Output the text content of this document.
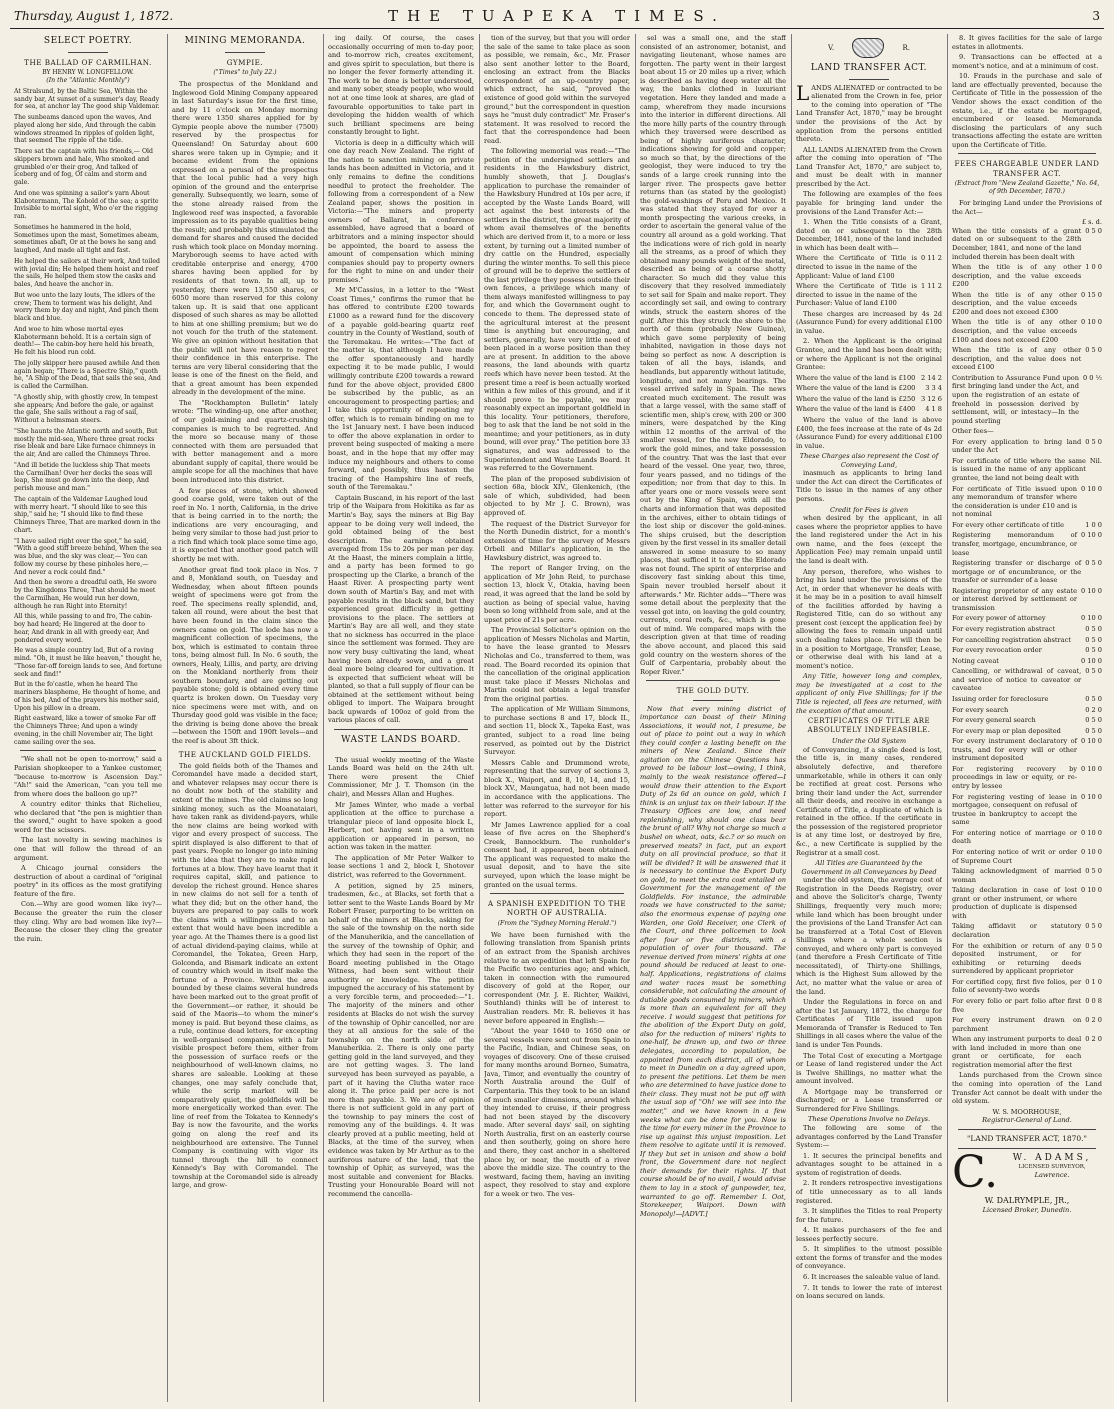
Thursday, August 1, 1872.	THE TUAPEKA TIMES.	3
SELECT POETRY.
THE BALLAD OF CARMILHAN.
BY HENRY W. LONGFELLOW.
(In the "Atlantic Monthly")

At Stralsund, by the Baltic Sea, Within the sandy bar, At sunset of a summer's day, Ready for sea, at anchor lay The good ship Valdemar.

The sunbeams danced upon the waves, And played along her side, And through the cabin windows streamed In ripples of golden light, that seemed The ripple of the tide.

There sat the captain with his friends,— Old skippers brown and hale, Who smoked and grumbled o'er their grog, And talked of iceberg and of fog, Of calm and storm and gale.

And one was spinning a sailor's yarn About Klabotermann, The Kobold of the sea; a sprite Invisible to mortal sight, Who o'er the rigging ran.

Sometimes he hammered in the hold, Sometimes upon the mast, Sometimes abeam, sometimes abaft, Or at the bows he sang and laughed, And made all tight and fast.

He helped the sailors at their work, And toiled with jovial din; He helped them hoist and reef the sails, He helped them stow the casks and bales, And heave the anchor in.

But woe unto the lazy louts, The idlers of the crew; Them to torment was his delight, And worry them by day and night, And pinch them black and blue.

And woe to him whose mortal eyes Klabotermann behold. It is a certain sign of death!— The cabin-boy here held his breath, He felt his blood run cold.

The jolly skipper here paused awhile And then again began; "There is a Spectre Ship," quoth he, "A Ship of the Dead, that sails the sea, And is called the Carmilhan.

"A ghostly ship, with ghostly crew, In tempest she appears; And before the gale, or against the gale, She sails without a rag of sail, Without a helmsman steers.

"She haunts the Atlantic north and south, But mostly the mid-sea, Where three great rocks rise bleak and bare Like furnace chimneys in the air, And are called the Chimneys Three.

"And ill betide the luckless ship That meets the Carmilhan! Over her decks the seas will leap, She must go down into the deep, And perish mouse and man."

The captain of the Valdemar Laughed loud with merry heart. "I should like to see this ship," said he; "I should like to find these Chimneys Three, That are marked down in the chart.

"I have sailed right over the spot," he said, "With a good stiff breeze behind, When the sea was blue, and the sky was clear,— You can follow my course by these pinholes here,— And never a rock could find."

And then he swore a dreadful oath, He swore by the Kingdoms Three, That should he meet the Carmilhan, He would run her down, although he ran Right into Eternity!

All this, while passing to and fro, The cabin-boy had heard; He lingered at the door to hear, And drank in all with greedy ear, And pondered every word.

He was a simple country lad, But of a roving mind. "Oh, it must be like heaven," thought he, "Those far-off foreign lands to see, And fortune seek and find!"

But in the fo'castle, when he heard The mariners blaspheme, He thought of home, and of his bed, And of the prayers his mother said, Upon his pillow in a dream.

Right eastward, like a tower of smoke Far off the Chimneys Three; And upon a windy evening, in the chill November air, The light came sailing over the sea.

"We shall not be open to-morrow," said a Parisian shopkeeper to a Yankee customer, "because to-morrow is Ascension Day." "Ah!" said the American, "can you tell me from where does the balloon go up?"

A country editor thinks that Richelieu, who declared that "the pen is mightier than the sword," ought to have spoken a good word for the scissors.

The last novelty in sewing machines is one that will follow the thread of an argument.

A Chicago journal considers the destruction of about a cardinal of "original poetry" in its offices as the most gratifying feature of the fire.

Con.—Why are good women like ivy?—Because the greater the ruin the closer they cling. Why are bad women like ivy?—Because the closer they cling the greater the ruin.

MINING MEMORANDA.
GYMPIE.
("Times" to July 22.)

The prospectus of the Monkland and Inglewood Gold Mining Company appeared in last Saturday's issue for the first time, and by 11 o'clock on Monday morning there were 1350 shares applied for by Gympie people above the number (7500) reserved by the prospectus for Queensland! On Saturday about 600 shares were taken up in Gympie; and it became evident from the opinions expressed on a perusal of the prospectus that the local public had a very high opinion of the ground and the enterprise generally. Subsequently, we learn, some of the stone already raised from the Inglewood reef was inspected, a favorable impression as to its payable qualities being the result; and probably this stimulated the demand for shares and caused the decided rush which took place on Monday morning. Maryborough seems to have acted with creditable enterprise and energy, 4700 shares having been applied for by residents of that town. In all, up to yesterday, there were 13,550 shares, or 6050 more than reserved for this colony taken up. It is said that one applicant disposed of such shares as may be allotted to him at one shilling premium; but we do not vouch for the truth of the statement. We give an opinion without hesitation that the public will not have reason to regret their confidence in this enterprise. The terms are very liberal considering that the lease is one of the finest on the field, and that a great amount has been expended already in the development of the mine.

The "Rockhampton Bulletin" lately wrote: "The winding-up, one after another, of our gold-mining and quartz-crushing companies is much to be regretted. And the more so because many of those connected with them are persuaded that with better management and a more abundant supply of capital, there would be ample scope for all the machines that have been introduced into this district.

A few pieces of stone, which showed good coarse gold, were taken out of the reef in No. 1 north, California, in the drive that is being carried in to the north; the indications are very encouraging, and being very similar to those had just prior to a rich find which took place some time ago, it is expected that another good patch will shortly be met with.

Another great find took place in Nos. 7 and 8, Monkland south, on Tuesday and Wednesday, when about fifteen pounds weight of specimens were got from the reef. The specimens really splendid, and, taken all round, were about the best that have been found in the claim since the owners came on gold. The lode has now a magnificent collection of specimens, the box, which is estimated to contain three tons, being almost full. In No. 6 south, the owners, Healy, Lillis, and party, are driving on the Monkland northerly from their southern boundary, and are getting out payable stone; gold is obtained every time quartz is broken down. On Tuesday very nice specimens were met with, and on Thursday good gold was visible in the face; the driving is being done above the break—between the 150ft and 190ft levels—and the reef is about 3ft thick.

THE AUCKLAND GOLD FIELDS.

The gold fields both of the Thames and Coromandel have made a decided start, and whatever relapses may occur there is no doubt now both of the stability and extent of the mines. The old claims so long sinking money, such as the Moanataiari, have taken rank as dividend-payers, while the new claims are being worked with vigor and every prospect of success. The spirit displayed is also different to that of past years. People no longer go into mining with the idea that they are to make rapid fortunes at a blow. They have learnt that it requires capital, skill, and patience to develop the richest ground. Hence shares in new claims do not sell for a tenth of what they did; but on the other hand, the buyers are prepared to pay calls to work the claims with a willingness and to an extent that would have been incredible a year ago. At the Thames there is a good list of actual dividend-paying claims, while at Coromandel, the Tokatea, Green Harp, Golconda, and Bismark indicate an extent of country which would in itself make the fortune of a Province. Within the area bounded by these claims several hundreds have been marked out to the great profit of the Government—or rather, it should be said of the Maoris—to whom the miner's money is paid. But beyond these claims, as a rule, continue dead letters, for excepting in well-organised companies with a fair visible prospect before them, either from the possession of surface reefs or the neighbourhood of well-known claims, no shares are saleable. Looking at these changes, one may safely conclude that, while the scrip market will be comparatively quiet, the goldfields will be more energetically worked than ever. The line of reef from the Tokatea to Kennedy's Bay is now the favourite, and the works going on along the reef and its neighbourhood are extensive. The Tunnel Company is continuing with vigor its tunnel through the hill to connect Kennedy's Bay with Coromandel. The township at the Coromandel side is already large, and grow-

ing daily. Of course, the cases occasionally occurring of men to-day poor, and to-morrow rich, creates excitement, and gives spirit to speculation, but there is no longer the fever formerly attending it. The work to be done is better understood, and many sober, steady people, who would not at one time look at shares, are glad of favourable opportunities to take part in developing the hidden wealth of which such brilliant specimens are being constantly brought to light.

Victoria is deep in a difficulty which will one day reach New Zealand. The right of the nation to sanction mining on private lands has been admitted in Victoria, and it only remains to define the conditions needful to protect the freeholder. The following from a correspondent of a New Zealand paper, shows the position in Victoria:—"The miners and property owners of Ballarat, in conference assembled, have agreed that a board of arbitrators and a mining inspector should be appointed, the board to assess the amount of compensation which mining companies should pay to property owners for the right to mine on and under their premises."

Mr M'Cassius, in a letter to the "West Coast Times," confirms the rumor that he has offered to contribute £200 towards £1000 as a reward fund for the discovery of a payable gold-bearing quartz reef country in the County of Westland, south of the Teremakau. He writes:—"The fact of the matter is, that although I have made the offer spontaneously and hardly expecting it to be made public, I would willingly contribute £200 towards a reward fund for the above object, provided £800 be subscribed by the public, as an encouragement to prospecting parties; and I take this opportunity of repeating my offer, which is to remain binding on me to the 1st January next. I have been induced to offer the above explanation in order to prevent being suspected of making a mere boast, and in the hope that my offer may induce my neighbours and others to come forward, and possibly, thus hasten the tracing of the Hampshire line of reefs, south of the Teremakau."

Captain Buscand, in his report of the last trip of the Waipara from Hokitika as far as Martin's Bay, says the miners at Big Bay appear to be doing very well indeed, the gold obtained being of the best description. The earnings obtained averaged from 15s to 20s per man per day. At the Haast, the miners complain a little, and a party has been formed to go prospecting up the Clarke, a branch of the Haast River. A prospecting party went down south of Martin's Bay, and met with payable results in the black sand, but they experienced great difficulty in getting provisions to the place. The settlers at Martin's Bay are all well, and they state that no sickness has occurred in the place since the settlement was formed. They are now very busy cultivating the land, wheat having been already sown, and a great deal more being cleared for cultivation. It is expected that sufficient wheat will be planted, so that a full supply of flour can be obtained at the settlement without being obliged to import. The Waipara brought back upwards of 100oz of gold from the various places of call.

WASTE LANDS BOARD.

The usual weekly meeting of the Waste Lands Board was held on the 24th ult. There were present the Chief Commissioner, Mr J. T. Thomson (in the chair), and Messrs Allan and Hughes.

Mr James Winter, who made a verbal application at the office to purchase a triangular piece of land opposite block L, Herbert, not having sent in a written application or appeared in person, no action was taken in the matter.

The application of Mr Peter Walker to lease sections 1 and 2, block I, Shotover district, was referred to the Government.

A petition, signed by 25 miners, tradesmen, &c., at Blacks, set forth that a letter sent to the Waste Lands Board by Mr Robert Fraser, purporting to be written on behalf of the miners at Blacks, asking for the sale of the township on the north side of the Manuherikia, and the cancellation of the survey of the township of Ophir, and which they had seen in the report of the Board meeting published in the Otago Witness, had been sent without their authority or knowledge. The petition impugned the accuracy of his statement by a very forcible term, and proceeded:—"1. The majority of the miners and other residents at Blacks do not wish the survey of the township of Ophir cancelled, nor are they at all anxious for the sale of the township on the north side of the Manuherikia. 2. There is only one party getting gold in the land surveyed, and they are not getting wages. 3. The land surveyed has been surveyed as payable, a part of it having the Clutha water race along it. The price paid per acre is not more than payable. 3. We are of opinion there is not sufficient gold in any part of the township to pay miners the cost of removing any of the buildings. 4. It was clearly proved at a public meeting, held at Blacks, at the time of the survey, when evidence was taken by Mr Arthur as to the auriferous nature of the land, that the township of Ophir, as surveyed, was the most suitable and convenient for Blacks. Trusting your Honourable Board will not recommend the cancella-

tion of the survey, but that you will order the sale of the same to take place as soon as possible, we remain, &c., Mr. Fraser also sent another letter to the Board, enclosing an extract from the Blacks correspondent of an up-country paper, which extract, he said, "proved the existence of good gold within the surveyed ground," but the correspondent in question says he "must duly contradict" Mr. Fraser's statement. It was resolved to record the fact that the correspondence had been read.

The following memorial was read:—"The petition of the undersigned settlers and residents in the Hawksbury district, humbly showeth, that J. Douglas's application to purchase the remainder of the Hawksbury Hundred at 10s per acre, if accepted by the Waste Lands Board, will act against the best interests of the settlers in the district, the great majority of whom avail themselves of the benefits which are derived from it, to a more or less extent, by turning out a limited number of dry cattle on the Hundred, especially during the winter months. To sell this piece of ground will be to deprive the settlers of the last privilege they possess outside their own fences, a privilege which many of them always manifested willingness to pay for, and which the Government ought to concede to them. The depressed state of the agricultural interest at the present time is anything but encouraging, and settlers, generally, have very little need of been placed in a worse position than they are at present. In addition to the above reasons, the land abounds with quartz reefs which have never been tested. At the present time a reef is been actually worked within a few miles of this ground, and if it should prove to be payable, we may reasonably expect an important goldfield in this locality. Your petitioners, therefore, beg to ask that the land be not sold in the meantime; and your petitioners, as in duty bound, will ever pray." The petition bore 33 signatures, and was addressed to the Superintendent and Waste Lands Board. It was referred to the Government.

The plan of the proposed subdivision of section 68a, block XIV., Glenkenich, (the sale of which, subdivided, had been objected to by Mr J. C. Brown), was approved of.

The request of the District Surveyor for the North Dunedin district, for a month's extension of time for the survey of Messrs Orbell and Millar's application, in the Hawksbury district, was agreed to.

The report of Ranger Irving, on the application of Mr John Reid, to purchase section 13, block V., Otakia, having been read, it was agreed that the land be sold by auction as being of special value, having been so long withheld from sale, and at the upset price of 21s per acre.

The Provincial Solicitor's opinion on the application of Messrs Nicholas and Martin, to have the lease granted to Messrs Nicholas and Co., transferred to them, was read. The Board recorded its opinion that the cancellation of the original application must take place if Messrs Nicholas and Martin could not obtain a legal transfer from the original parties.

The application of Mr William Simmons, to purchase sections 8 and 17, block II., and section 11, block X., Tapeka East, was granted, subject to a road line being reserved, as pointed out by the District Surveyor.

Messrs Cable and Drummond wrote, representing that the survey of sections 3, block X., Waipori, and 8, 10, 14, and 15, block XV., Maungatua, had not been made in accordance with the applications. The letter was referred to the surveyor for his report.

Mr James Lawrence applied for a coal lease of five acres on the Shepherd's Creek, Bannockburn. The runholder's consent had, it appeared, been obtained. The applicant was requested to make the usual deposit, and to have the site surveyed, upon which the lease might be granted on the usual terms.

A SPANISH EXPEDITION TO THE NORTH OF AUSTRALIA.
(From the "Sydney Morning Herald.")

We have been furnished with the following translation from Spanish prints of an extract from the Spanish archives relative to an expedition that left Spain for the Pacific two centuries ago; and which, taken in connection with the rumoured discovery of gold at the Roper, our correspondent (Mr. J. E. Richter, Waikivi, Southland) thinks will be of interest to Australian readers. Mr. R. believes it has never before appeared in English:—

"About the year 1640 to 1650 one or several vessels were sent out from Spain to the Pacific, Indian, and Chinese seas, on voyages of discovery. One of these cruised for many months around Borneo, Sumatra, Java, Timor, and eventually the country of North Australia around the Gulf of Carpentaria. This they took to be an island of much smaller dimensions, around which they intended to cruise, if their progress had not been stayed by the discovery made. After several days' sail, on sighting North Australia, first on an easterly course and then southerly, going on shore here and there, they cast anchor in a sheltered place by, or near, the mouth of a river above the middle size. The country to the westward, facing them, having an inviting aspect, they resolved to stay and explore for a week or two. The ves-

sel was a small one, and the staff consisted of an astronomer, botanist, and navigating lieutenant, whose names are forgotten. The party went in their largest boat about 15 or 20 miles up a river, which is described as having deep water all the way, the banks clothed in luxuriant vegetation. Here they landed and made a camp, wherefrom they made incursions into the interior in different directions. All the more hilly parts of the country through which they traversed were described as being of highly auriferous character, indications showing for gold and copper; so much so that, by the directions of the geologist, they were induced to try the sands of a large creek running into the larger river. The prospects gave better returns than (as stated by the geologist) the gold-washings of Peru and Mexico. It was stated that they stayed for over a month prospecting the various creeks, in order to ascertain the general value of the country all around as a gold working. That the indications were of rich gold in nearly all the streams, as a proof of which they obtained many pounds weight of the metal, described as being of a coarse shotty character. So much did they value this discovery that they resolved immediately to set sail for Spain and make report. They accordingly set sail, and owing to contrary winds, struck the eastern shores of the gulf. After this they struck the shore to the north of them (probably New Guinea), which gave some perplexity of being inhabited, navigation in those days not being so perfect as now. A description is taken of all the bays, islands, and headlands, but apparently without latitude, longitude, and not many bearings. The vessel arrived safely in Spain. The news created much excitement. The result was that a large vessel, with the same staff of scientific men, ship's crew, with 200 or 300 miners, were despatched by the King within 12 months of the arrival of the smaller vessel, for the new Eldorado, to work the gold mines, and take possession of the country. That was the last that ever heard of the vessel. One year, two, three, four years passed, and no tidings of the expedition; nor from that day to this. In after years one or more vessels were sent out by the King of Spain, with all the charts and information that was deposited in the archives, either to obtain tidings of the lost ship or discover the gold-mines. The ships cruised, but the description given by the first vessel in its smaller detail answered in some measure to so many places, that sufficed it to say the Eldorado was not found. The spirit of enterprise and discovery fast sinking about this time, Spain never troubled herself about it afterwards." Mr. Richter adds—"There was some detail about the perplexity that the vessel got into, on leaving the gold country, currents, coral reefs, &c., which is gone out of mind. We compared maps with the description given at that time of reading the above account, and placed this said gold country on the western shores of the Gulf of Carpentaria, probably about the Roper River."

THE GOLD DUTY.

Now that every mining district of importance can boast of their Mining Associations, it would not, I presume, be out of place to point out a way in which they could confer a lasting benefit on the miners of New Zealand. Since their agitation on the Chinese Questions has proved to be labour lost—owing, I think, mainly to the weak resistance offered—I would draw their attention to the Export Duty of 2s 6d an ounce on gold, which I think is an unjust tax on their labour. If the Treasury Offices are low, and need replenishing, why should one class bear the brunt of all? Why not charge so much a bushel on wheat, oats, &c.? or so much on preserved meats? in fact, put an export duty on all provincial produce, so that it will be divided? It will be answered that it is necessary to continue the Export Duty on gold, to meet the extra cost entailed on Government for the management of the Goldfields. For instance, the admirable roads we have constructed to the same; also the enormous expense of paying one Warden, one Gold Receiver, one Clerk of the Court, and three policemen to look after four or five districts, with a population of over four thousand. The revenue derived from miners' rights at one pound should be reduced at least to one-half. Applications, registrations of claims and water races must be something considerable, not calculating the amount of dutiable goods consumed by miners, which is more than an equivalent for all they receive. I would suggest that petitions for the abolition of the Export Duty on gold, also for the reduction of miners' rights to one-half, be drawn up, and two or three delegates, according to population, be appointed from each district, all of whom to meet in Dunedin on a day agreed upon, to present the petitions. Let them be men who are determined to have justice done to their class. They must not be put off with the usual sop of "Oh! we will see into the matter," and we have known in a few weeks what can be done for you. Now is the time for every miner in the Province to rise up against this unjust imposition. Let them resolve to agitate until it is removed. If they but set in unison and show a bold front, the Government dare not neglect their demands for their rights. If that course should be of no avail, I would advise them to lay in a stock of gunpowder, tea, warranted to go off. Remember I. Oot, Storekeeper, Waipori. Down with Monopoly!—[ADVT.]

V.	R.
LAND TRANSFER ACT.

LANDS ALIENATED or contracted to be alienated from the Crown in fee, prior to the coming into operation of "The Land Transfer Act, 1870," may be brought under the provisions of the Act by application from the persons entitled thereto.

ALL LANDS ALIENATED from the Crown after the coming into operation of "The Land Transfer Act, 1870," are subject to, and must be dealt with in manner prescribed by the Act.

The following are examples of the fees payable for bringing land under the provisions of the Land Transfer Act:—

1. When the Title consists of a Grant, dated on or subsequent to the 28th December, 1841, none of the land included in which has been dealt with—

Where the Certificate of Title is directed to issue in the name of the Applicant: Value of land £100
0 11 2
Where the Certificate of Title is directed to issue in the name of the Purchaser: Value of land £100
1 11 2

These charges are increased by 4s 2d (Assurance Fund) for every additional £100 in value.

2. When the Applicant is the original Grantee, and the land has been dealt with; or where the Applicant is not the original Grantee:

Where the value of the land is £100 2 14 2
Where the value of the land is £200	3 3 4
Where the value of the land is £250 3 12 6
Where the value of the land is £400	4 1 8

Where the value of the land is above £400, the fees increase at the rate of 4s 2d (Assurance Fund) for every additional £100 in value.

These Charges also represent the Cost of Conveying Land,

inasmuch as applicants to bring land under the Act can direct the Certificates of Title to issue in the names of any other persons.

Credit for Fees is given

when desired by the applicant, in all cases where the proprietor applies to have the land registered under the Act in his own name, and the fees (except the Application Fee) may remain unpaid until the land is dealt with.

Any person, therefore, who wishes to bring his land under the provisions of the Act, in order that whenever he deals with it he may be in a position to avail himself of the facilities afforded by having a Registered Title, can do so without any present cost (except the application fee) by allowing the fees to remain unpaid until such dealing takes place. He will then be in a position to Mortgage, Transfer, Lease, or otherwise deal with his land at a moment's notice.

Any Title, however long and complex, may be investigated at a cost to the applicant of only Five Shillings; for if the Title is rejected, all fees are returned, with the exception of that amount.

CERTIFICATES OF TITLE ARE ABSOLUTELY INDEFEASIBLE.
Under the Old System

of Conveyancing, if a single deed is lost, the title is, in many cases, rendered absolutely defective, and therefore unmarketable, while in others it can only be rectified at great cost. Persons who bring their land under the Act, surrender all their deeds, and receive in exchange a Certificate of Title, a duplicate of which is retained in the office. If the certificate in the possession of the registered proprietor is at any time lost, or destroyed by fire, &c., a new Certificate is supplied by the Registrar at a small cost.

All Titles are Guaranteed by the Government in all Conveyances by Deed

under the old system, the average cost of Registration in the Deeds Registry, over and above the Solicitor's charge, Twenty Shillings, frequently very much more; while land which has been brought under the provisions of the Land Transfer Act can be transferred at a Total Cost of Eleven Shillings where a whole section is conveyed, and where only part is conveyed (and therefore a Fresh Certificate of Title necessitated), of Thirty-one Shillings, which is the Highest Sum allowed by the Act, no matter what the value or area of the land.

Under the Regulations in force on and after the 1st January, 1872, the charge for Certificates of Title issued upon Memoranda of Transfer is Reduced to Ten Shillings in all cases where the value of the land is under Ten Pounds.

The Total Cost of executing a Mortgage or Lease of land registered under the Act is Twelve Shillings, no matter what the amount involved.

A Mortgage may be transferred or discharged; or a Lease transferred or Surrendered for Five Shillings.

These Operations Involve no Delays.

The following are some of the advantages conferred by the Land Transfer System:—

1. It secures the principal benefits and advantages sought to be attained in a system of registration of deeds.

2. It renders retrospective investigations of title unnecessary as to all lands registered.

3. It simplifies the Titles to real Property for the future.

4. It makes purchasers of the fee and lessees perfectly secure.

5. It simplifies to the utmost possible extent the forms of transfer and the modes of conveyance.

6. It increases the saleable value of land.

7. It tends to lower the rate of interest on loans secured on lands.

8. It gives facilities for the sale of large estates in allotments.

9. Transactions can be effected at a moment's notice, and at a minimum of cost.

10. Frauds in the purchase and sale of land are effectually prevented, because the Certificate of Title in the possession of the Vendor shows the exact condition of the estate, i.e., if the estate be mortgaged, encumbered or leased. Memoranda disclosing the particulars of any such transactions affecting the estate are written upon the Certificate of Title.

FEES CHARGEABLE UNDER LAND TRANSFER ACT.
(Extract from "New Zealand Gazette," No. 64, of 9th December, 1870.)

For bringing Land under the Provisions of the Act—

£ s. d.
When the title consists of a grant dated on or subsequent to the 28th December, 1841, and none of the land included therein has been dealt with
0 5 0
When the title is of any other description, and the value exceeds £200
1 0 0
When the title is of any other description, and the value exceeds £200 and does not exceed £300
0 15 0
When the title is of any other description, and the value exceeds £100 and does not exceed £200
0 10 0
When the title is of any other description, and the value does not exceed £100
0 5 0
Contribution to Assurance Fund upon first bringing land under the Act, and upon the registration of an estate of freehold in possession derived by settlement, will, or intestacy—In the pound sterling
0 0 ½
Other fees—
For every application to bring land under the Act
0 5 0
For certificate of title where the same is issued in the name of any applicant grantee, the land not being dealt with
Nil.
For certificate of Title issued upon any memorandum of transfer where the consideration is under £10 and is not nominal
0 10 0
For every other certificate of title	1 0 0
Registering memorandum of transfer, mortgage, encumbrance, or lease
0 10 0
Registering transfer or discharge of mortgage or of encumbrance, or the transfer or surrender of a lease
0 5 0
Registering proprietor of any estate or interest derived by settlement or transmission
0 10 0
For every power of attorney	0 10 0
For every registration abstract	0 5 0
For cancelling registration abstract	0 5 0
For every revocation order	0 5 0
Noting caveat	0 10 0
Cancelling, or withdrawal of caveat, and service of notice to caveator or caveatee
0 5 0
Issuing order for foreclosure	0 5 0
For every search	0 2 0
For every general search	0 5 0
For every map or plan deposited	0 5 0
For every instrument declaratory of trusts, and for every will or other instrument deposited
0 10 0
For registering recovery by proceedings in law or equity, or re-entry by lessee
0 10 0
For registering vesting of lease in mortgagee, consequent on refusal of trustee in bankruptcy to accept the same
0 10 0
For entering notice of marriage or death
0 10 0
For entering notice of writ or order of Supreme Court
0 10 0
Taking acknowledgment of married woman
0 5 0
Taking declaration in case of lost grant or other instrument, or where production of duplicate is dispensed with
0 10 0
Taking affidavit or statutory declaration
0 5 0
For the exhibition or return of any deposited instrument, or for exhibiting or returning deeds surrendered by applicant proprietor
0 5 0
For certified copy, first five folios, per folio of seventy-two words
0 1 0
For every folio or part folio after first five
0 0 8
For every instrument drawn on parchment
0 2 0
When any instrument purports to deal with land included in more than one grant or certificate, for each registration memorial after the first
0 2 0

Lands purchased from the Crown since the coming into operation of the Land Transfer Act cannot be dealt with under the old system.

W. S. MOORHOUSE,
Registrar-General of Land.
"LAND TRANSFER ACT, 1870."
C.	W. ADAMS,
LICENSED SURVEYOR,
Lawrence.
W. DALRYMPLE, JR.,
Licensed Broker, Dunedin.
